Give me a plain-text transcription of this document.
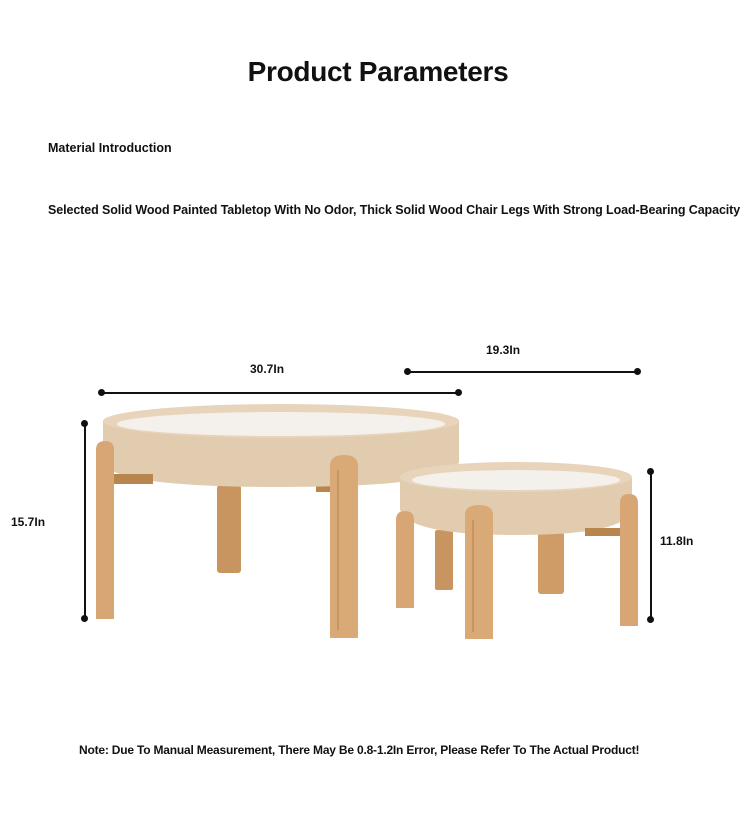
Product Parameters
Material Introduction
Selected Solid Wood Painted Tabletop With No Odor, Thick Solid Wood Chair Legs With Strong Load-Bearing Capacity
30.7In
19.3In
15.7In
11.8In
Note: Due To Manual Measurement, There May Be 0.8-1.2In Error, Please Refer To The Actual Product!
